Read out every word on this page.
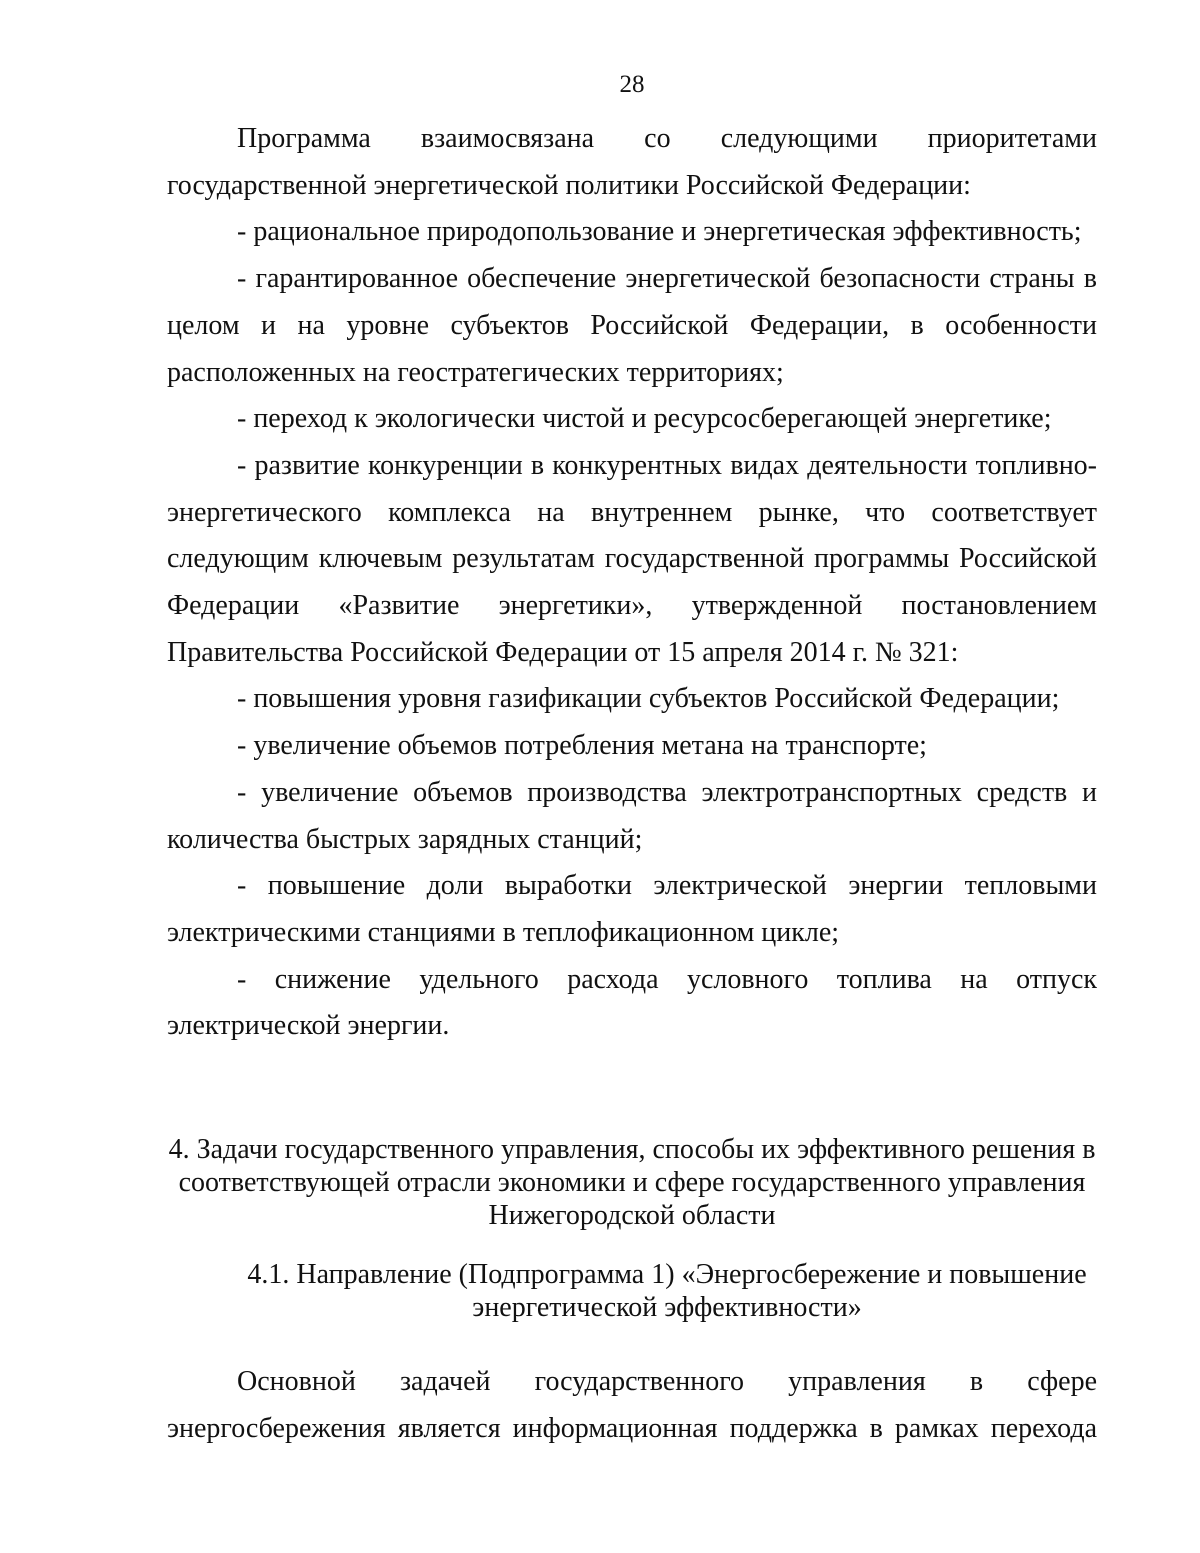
28

Программа взаимосвязана со следующими приоритетами государственной энергетической политики Российской Федерации:

- рациональное природопользование и энергетическая эффективность;

- гарантированное обеспечение энергетической безопасности страны в целом и на уровне субъектов Российской Федерации, в особенности расположенных на геостратегических территориях;

- переход к экологически чистой и ресурсосберегающей энергетике;

- развитие конкуренции в конкурентных видах деятельности топливно-энергетического комплекса на внутреннем рынке, что соответствует следующим ключевым результатам государственной программы Российской Федерации «Развитие энергетики», утвержденной постановлением Правительства Российской Федерации от 15 апреля 2014 г. № 321:

- повышения уровня газификации субъектов Российской Федерации;

- увеличение объемов потребления метана на транспорте;

- увеличение объемов производства электротранспортных средств и количества быстрых зарядных станций;

- повышение доли выработки электрической энергии тепловыми электрическими станциями в теплофикационном цикле;

- снижение удельного расхода условного топлива на отпуск электрической энергии.

4. Задачи государственного управления, способы их эффективного решения в соответствующей отрасли экономики и сфере государственного управления Нижегородской области
4.1. Направление (Подпрограмма 1) «Энергосбережение и повышение энергетической эффективности»

Основной задачей государственного управления в сфере энергосбережения является информационная поддержка в рамках перехода
